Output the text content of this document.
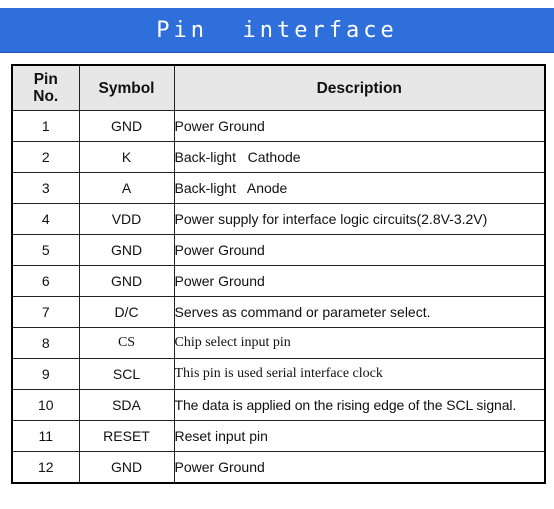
Pin  interface
Pin
No.	Symbol	Description
1	GND	Power Ground
2	K	Back-light   Cathode
3	A	Back-light   Anode
4	VDD	Power supply for interface logic circuits(2.8V-3.2V)
5	GND	Power Ground
6	GND	Power Ground
7	D/C	Serves as command or parameter select.
8	CS	Chip select input pin
9	SCL	This pin is used serial interface clock
10	SDA	The data is applied on the rising edge of the SCL signal.
11	RESET	Reset input pin
12	GND	Power Ground
